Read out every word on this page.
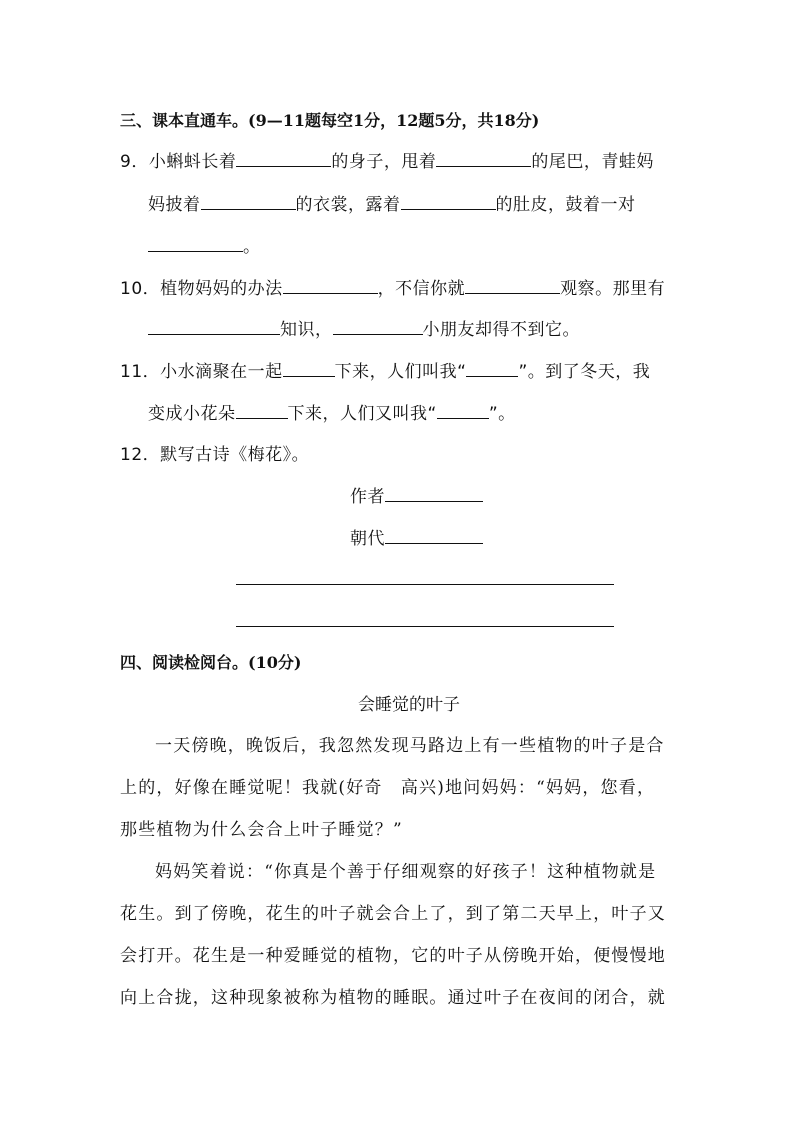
三、课本直通车。(9—11题每空1分，12题5分，共18分)
9．小蝌蚪长着	的身子，甩着	的尾巴，青蛙妈
妈披着	的衣裳，露着	的肚皮，鼓着一对
。
10．植物妈妈的办法	，不信你就	观察。那里有
知识，	小朋友却得不到它。
11．小水滴聚在一起	下来，人们叫我“	”。到了冬天，我
变成小花朵	下来，人们又叫我“	”。
12．默写古诗《梅花》。
作者
朝代
四、阅读检阅台。(10分)
会睡觉的叶子
一天傍晚，晚饭后，我忽然发现马路边上有一些植物的叶子是合
上的，好像在睡觉呢！我就(好奇　高兴)地问妈妈：“妈妈，您看，
那些植物为什么会合上叶子睡觉？”
妈妈笑着说：“你真是个善于仔细观察的好孩子！这种植物就是
花生。到了傍晚，花生的叶子就会合上了，到了第二天早上，叶子又
会打开。花生是一种爱睡觉的植物，它的叶子从傍晚开始，便慢慢地
向上合拢，这种现象被称为植物的睡眠。通过叶子在夜间的闭合，就
